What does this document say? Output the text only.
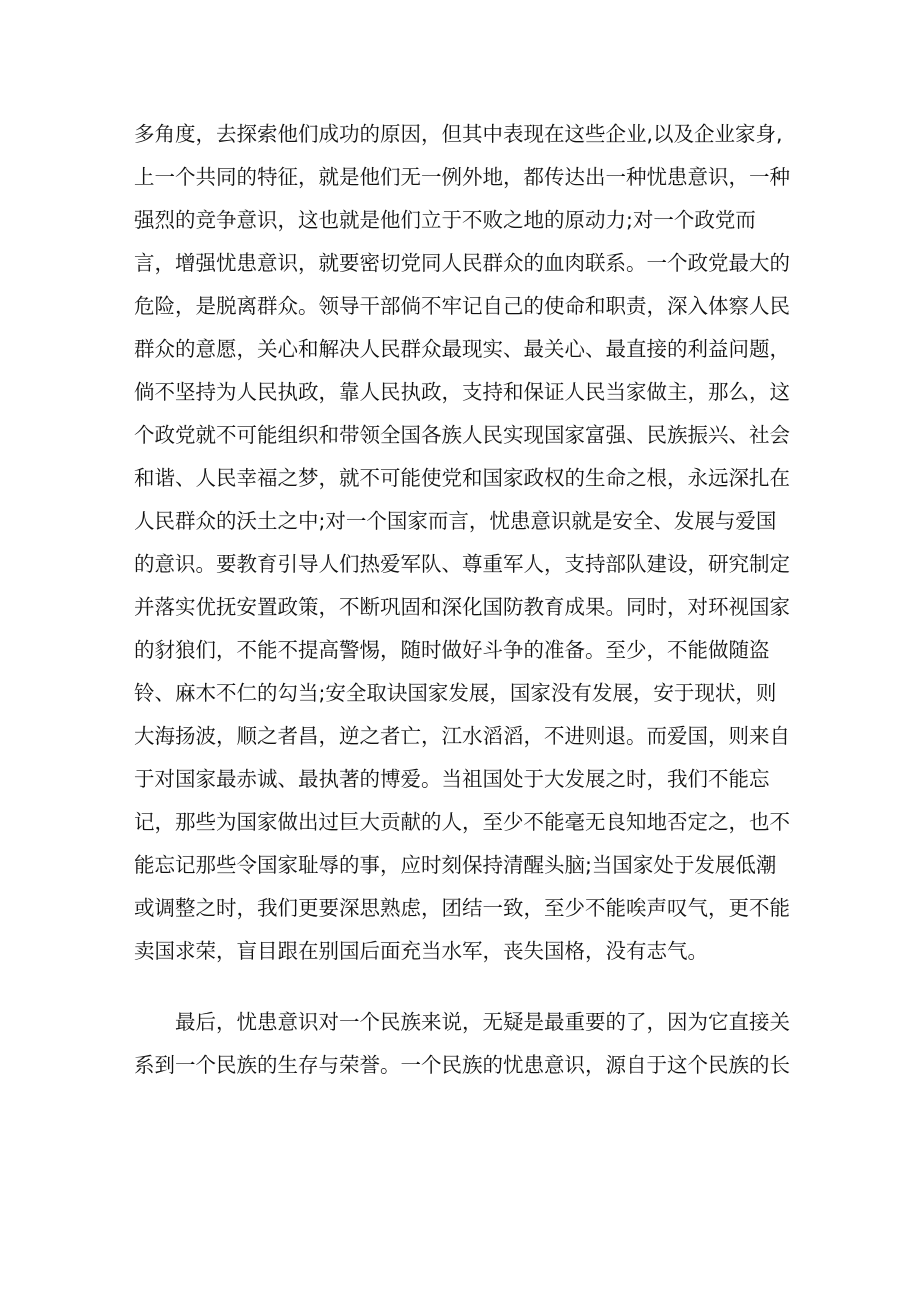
多角度，去探索他们成功的原因，但其中表现在这些企业,以及企业家身,
上一个共同的特征，就是他们无一例外地，都传达出一种忧患意识，一种
强烈的竞争意识，这也就是他们立于不败之地的原动力;对一个政党而
言，增强忧患意识，就要密切党同人民群众的血肉联系。一个政党最大的
危险，是脱离群众。领导干部倘不牢记自己的使命和职责，深入体察人民
群众的意愿，关心和解决人民群众最现实、最关心、最直接的利益问题，
倘不坚持为人民执政，靠人民执政，支持和保证人民当家做主，那么，这
个政党就不可能组织和带领全国各族人民实现国家富强、民族振兴、社会
和谐、人民幸福之梦，就不可能使党和国家政权的生命之根，永远深扎在
人民群众的沃土之中;对一个国家而言，忧患意识就是安全、发展与爱国
的意识。要教育引导人们热爱军队、尊重军人，支持部队建设，研究制定
并落实优抚安置政策，不断巩固和深化国防教育成果。同时，对环视国家
的豺狼们，不能不提高警惕，随时做好斗争的准备。至少，不能做随盗
铃、麻木不仁的勾当;安全取诀国家发展，国家没有发展，安于现状，则
大海扬波，顺之者昌，逆之者亡，江水滔滔，不进则退。而爱国，则来自
于对国家最赤诚、最执著的博爱。当祖国处于大发展之时，我们不能忘
记，那些为国家做出过巨大贡献的人，至少不能毫无良知地否定之，也不
能忘记那些令国家耻辱的事，应时刻保持清醒头脑;当国家处于发展低潮
或调整之时，我们更要深思熟虑，团结一致，至少不能唉声叹气，更不能
卖国求荣，盲目跟在别国后面充当水军，丧失国格，没有志气。
最后，忧患意识对一个民族来说，无疑是最重要的了，因为它直接关
系到一个民族的生存与荣誉。一个民族的忧患意识，源自于这个民族的长
